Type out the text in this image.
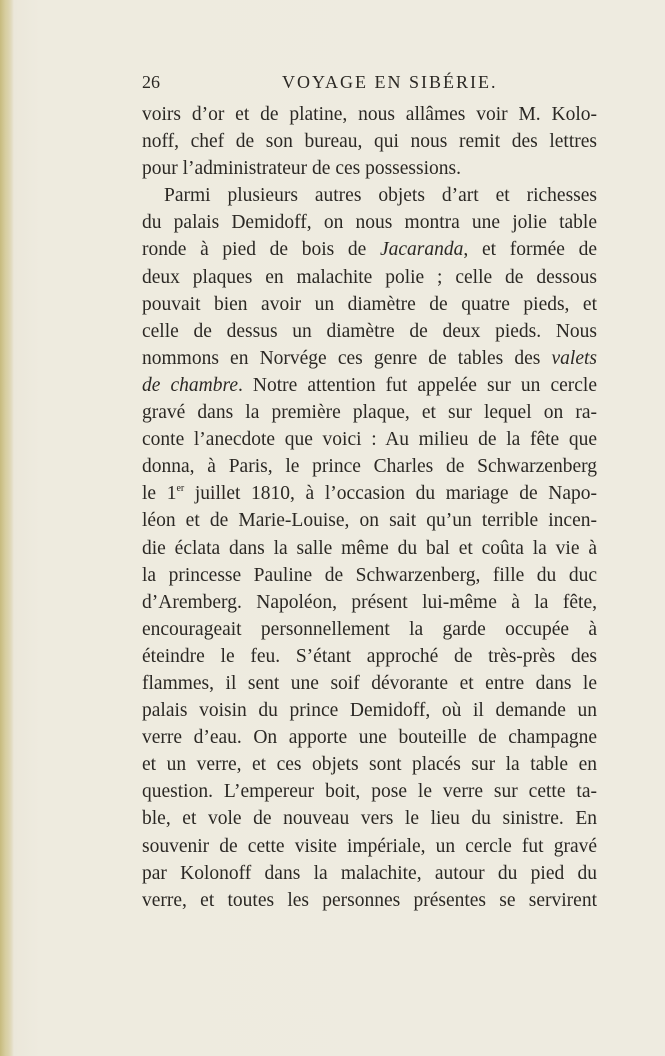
26	VOYAGE EN SIBÉRIE.
voirs d’or et de platine, nous allâmes voir M. Kolo-
noff, chef de son bureau, qui nous remit des lettres
pour l’administrateur de ces possessions.
Parmi plusieurs autres objets d’art et richesses
du palais Demidoff, on nous montra une jolie table
ronde à pied de bois de Jacaranda, et formée de
deux plaques en malachite polie ; celle de dessous
pouvait bien avoir un diamètre de quatre pieds, et
celle de dessus un diamètre de deux pieds. Nous
nommons en Norvége ces genre de tables des valets
de chambre. Notre attention fut appelée sur un cercle
gravé dans la première plaque, et sur lequel on ra-
conte l’anecdote que voici : Au milieu de la fête que
donna, à Paris, le prince Charles de Schwarzenberg
le 1er juillet 1810, à l’occasion du mariage de Napo-
léon et de Marie-Louise, on sait qu’un terrible incen-
die éclata dans la salle même du bal et coûta la vie à
la princesse Pauline de Schwarzenberg, fille du duc
d’Aremberg. Napoléon, présent lui-même à la fête,
encourageait personnellement la garde occupée à
éteindre le feu. S’étant approché de très-près des
flammes, il sent une soif dévorante et entre dans le
palais voisin du prince Demidoff, où il demande un
verre d’eau. On apporte une bouteille de champagne
et un verre, et ces objets sont placés sur la table en
question. L’empereur boit, pose le verre sur cette ta-
ble, et vole de nouveau vers le lieu du sinistre. En
souvenir de cette visite impériale, un cercle fut gravé
par Kolonoff dans la malachite, autour du pied du
verre, et toutes les personnes présentes se servirent
